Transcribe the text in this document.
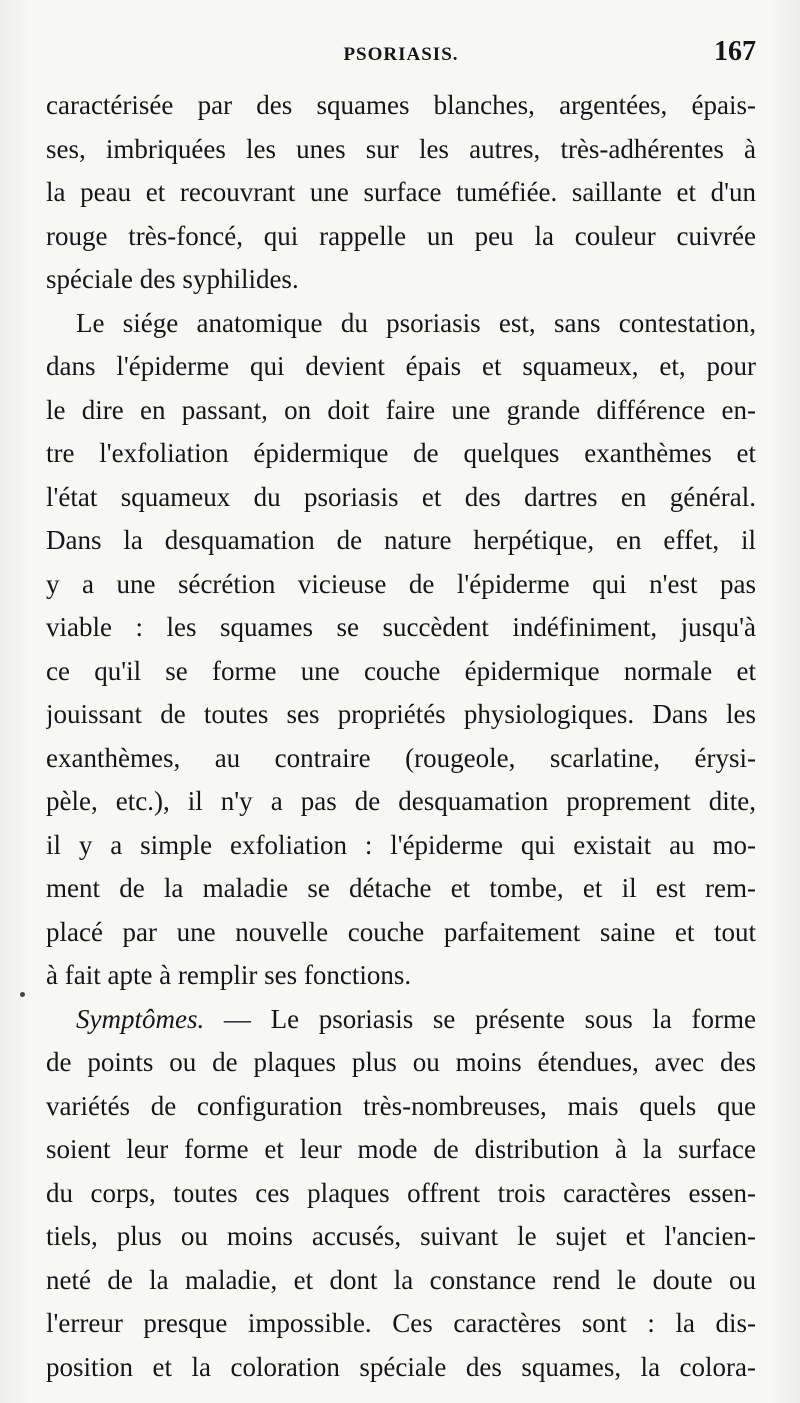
PSORIASIS.	167
caractérisée par des squames blanches, argentées, épais-
ses, imbriquées les unes sur les autres, très-adhérentes à
la peau et recouvrant une surface tuméfiée. saillante et d'un
rouge très-foncé, qui rappelle un peu la couleur cuivrée
spéciale des syphilides.
Le siége anatomique du psoriasis est, sans contestation,
dans l'épiderme qui devient épais et squameux, et, pour
le dire en passant, on doit faire une grande différence en-
tre l'exfoliation épidermique de quelques exanthèmes et
l'état squameux du psoriasis et des dartres en général.
Dans la desquamation de nature herpétique, en effet, il
y a une sécrétion vicieuse de l'épiderme qui n'est pas
viable : les squames se succèdent indéfiniment, jusqu'à
ce qu'il se forme une couche épidermique normale et
jouissant de toutes ses propriétés physiologiques. Dans les
exanthèmes, au contraire (rougeole, scarlatine, érysi-
pèle, etc.), il n'y a pas de desquamation proprement dite,
il y a simple exfoliation : l'épiderme qui existait au mo-
ment de la maladie se détache et tombe, et il est rem-
placé par une nouvelle couche parfaitement saine et tout
à fait apte à remplir ses fonctions.
Symptômes. — Le psoriasis se présente sous la forme
de points ou de plaques plus ou moins étendues, avec des
variétés de configuration très-nombreuses, mais quels que
soient leur forme et leur mode de distribution à la surface
du corps, toutes ces plaques offrent trois caractères essen-
tiels, plus ou moins accusés, suivant le sujet et l'ancien-
neté de la maladie, et dont la constance rend le doute ou
l'erreur presque impossible. Ces caractères sont : la dis-
position et la coloration spéciale des squames, la colora-
